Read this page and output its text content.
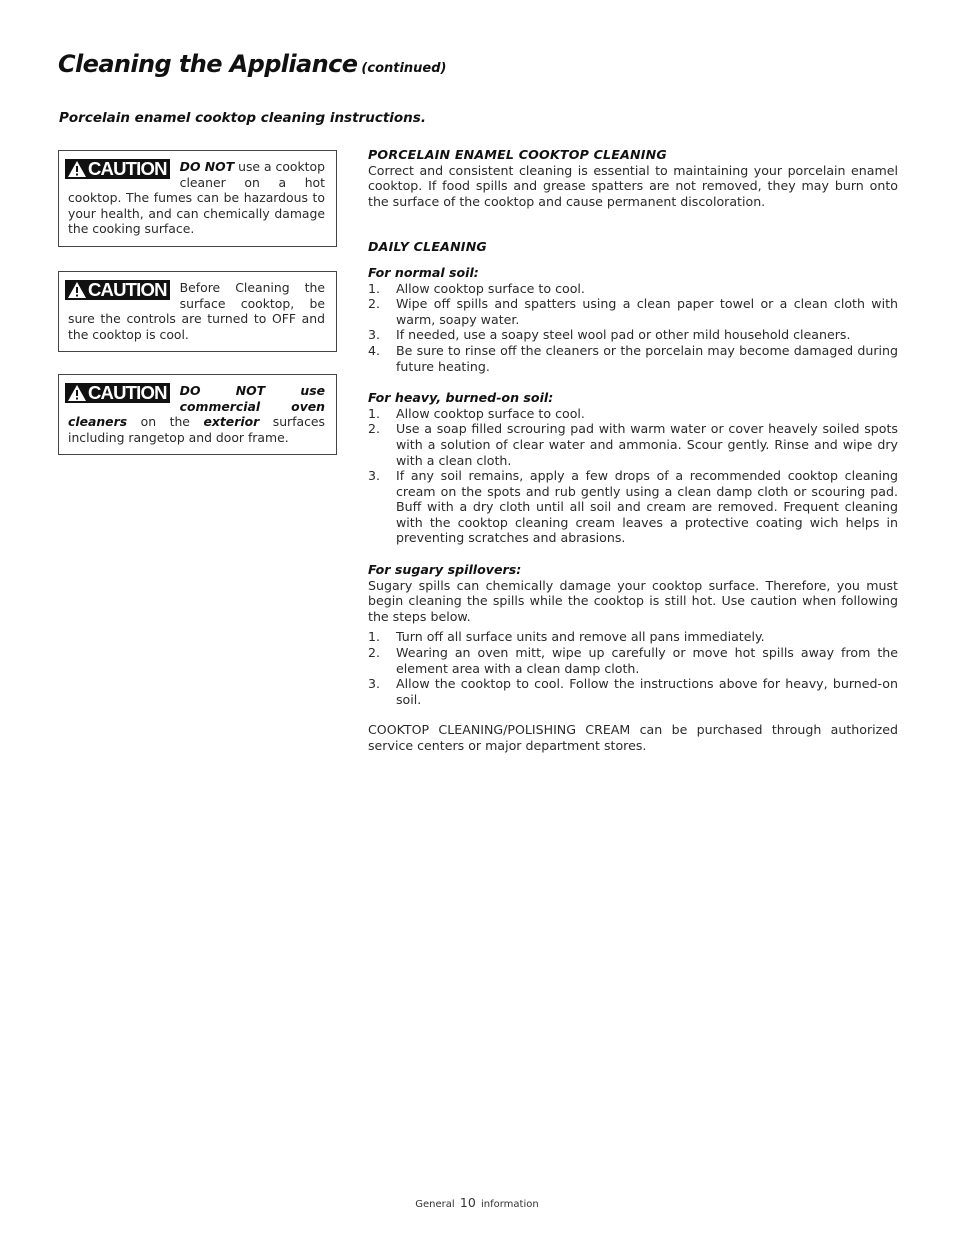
Cleaning the Appliance (continued)
Porcelain enamel cooktop cleaning instructions.
CAUTION DO NOT use a cooktop cleaner on a hot cooktop. The fumes can be hazardous to your health, and can chemically damage the cooking surface.
CAUTION Before Cleaning the surface cooktop, be sure the controls are turned to OFF and the cooktop is cool.
CAUTION DO NOT use commercial oven cleaners on the exterior surfaces including rangetop and door frame.

PORCELAIN ENAMEL COOKTOP CLEANING

Correct and consistent cleaning is essential to maintaining your porcelain enamel cooktop. If food spills and grease spatters are not removed, they may burn onto the surface of the cooktop and cause permanent discoloration.

DAILY CLEANING

For normal soil:

1.	Allow cooktop surface to cool.
2.	Wipe off spills and spatters using a clean paper towel or a clean cloth with warm, soapy water.
3.	If needed, use a soapy steel wool pad or other mild household cleaners.
4.	Be sure to rinse off the cleaners or the porcelain may become damaged during future heating.

For heavy, burned-on soil:

1.	Allow cooktop surface to cool.
2.	Use a soap filled scrouring pad with warm water or cover heavely soiled spots with a solution of clear water and ammonia. Scour gently. Rinse and wipe dry with a clean cloth.
3.	If any soil remains, apply a few drops of a recommended cooktop cleaning cream on the spots and rub gently using a clean damp cloth or scouring pad. Buff with a dry cloth until all soil and cream are removed. Frequent cleaning with the cooktop cleaning cream leaves a protective coating wich helps in preventing scratches and abrasions.

For sugary spillovers:

Sugary spills can chemically damage your cooktop surface. Therefore, you must begin cleaning the spills while the cooktop is still hot. Use caution when following the steps below.

1.	Turn off all surface units and remove all pans immediately.
2.	Wearing an oven mitt, wipe up carefully or move hot spills away from the element area with a clean damp cloth.
3.	Allow the cooktop to cool. Follow the instructions above for heavy, burned-on soil.

COOKTOP CLEANING/POLISHING CREAM can be purchased through authorized service centers or major department stores.

General 10 information
